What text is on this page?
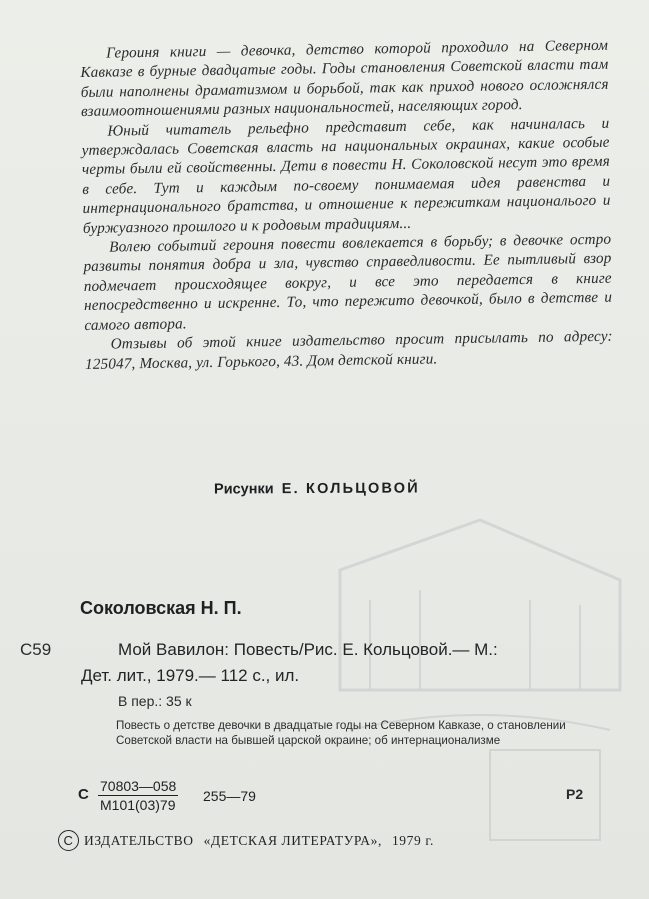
Героиня книги — девочка, детство которой проходило на Северном Кавказе в бурные двадцатые годы. Годы становления Советской власти там были наполнены драматизмом и борьбой, так как приход нового осложнялся взаимоотношениями разных национальностей, населяющих город.

Юный читатель рельефно представит себе, как начиналась и утверждалась Советская власть на национальных окраинах, какие особые черты были ей свойственны. Дети в повести Н. Соколовской несут это время в себе. Тут и каждым по-своему понимаемая идея равенства и интернационального братства, и отношение к пережиткам националього и буржуазного прошлого и к родовым традициям...

Волею событий героиня повести вовлекается в борьбу; в девочке остро развиты понятия добра и зла, чувство справедливости. Ее пытливый взор подмечает происходящее вокруг, и все это передается в книге непосредственно и искренне. То, что пережито девочкой, было в детстве и самого автора.

Отзывы об этой книге издательство просит присылать по адресу: 125047, Москва, ул. Горького, 43. Дом детской книги.

Рисунки Е. КОЛЬЦОВОЙ
Соколовская Н. П.
С59	Мой Вавилон: Повесть/Рис. Е. Кольцовой.— М.:
Дет. лит., 1979.— 112 с., ил.
В пер.: 35 к
Повесть о детстве девочки в двадцатые годы на Северном Кавказе, о становлении Советской власти на бывшей царской окраине; об интернационализме
С 70803—058
М101(03)79
255—79	Р2
C ИЗДАТЕЛЬСТВО «ДЕТСКАЯ ЛИТЕРАТУРА», 1979 г.
